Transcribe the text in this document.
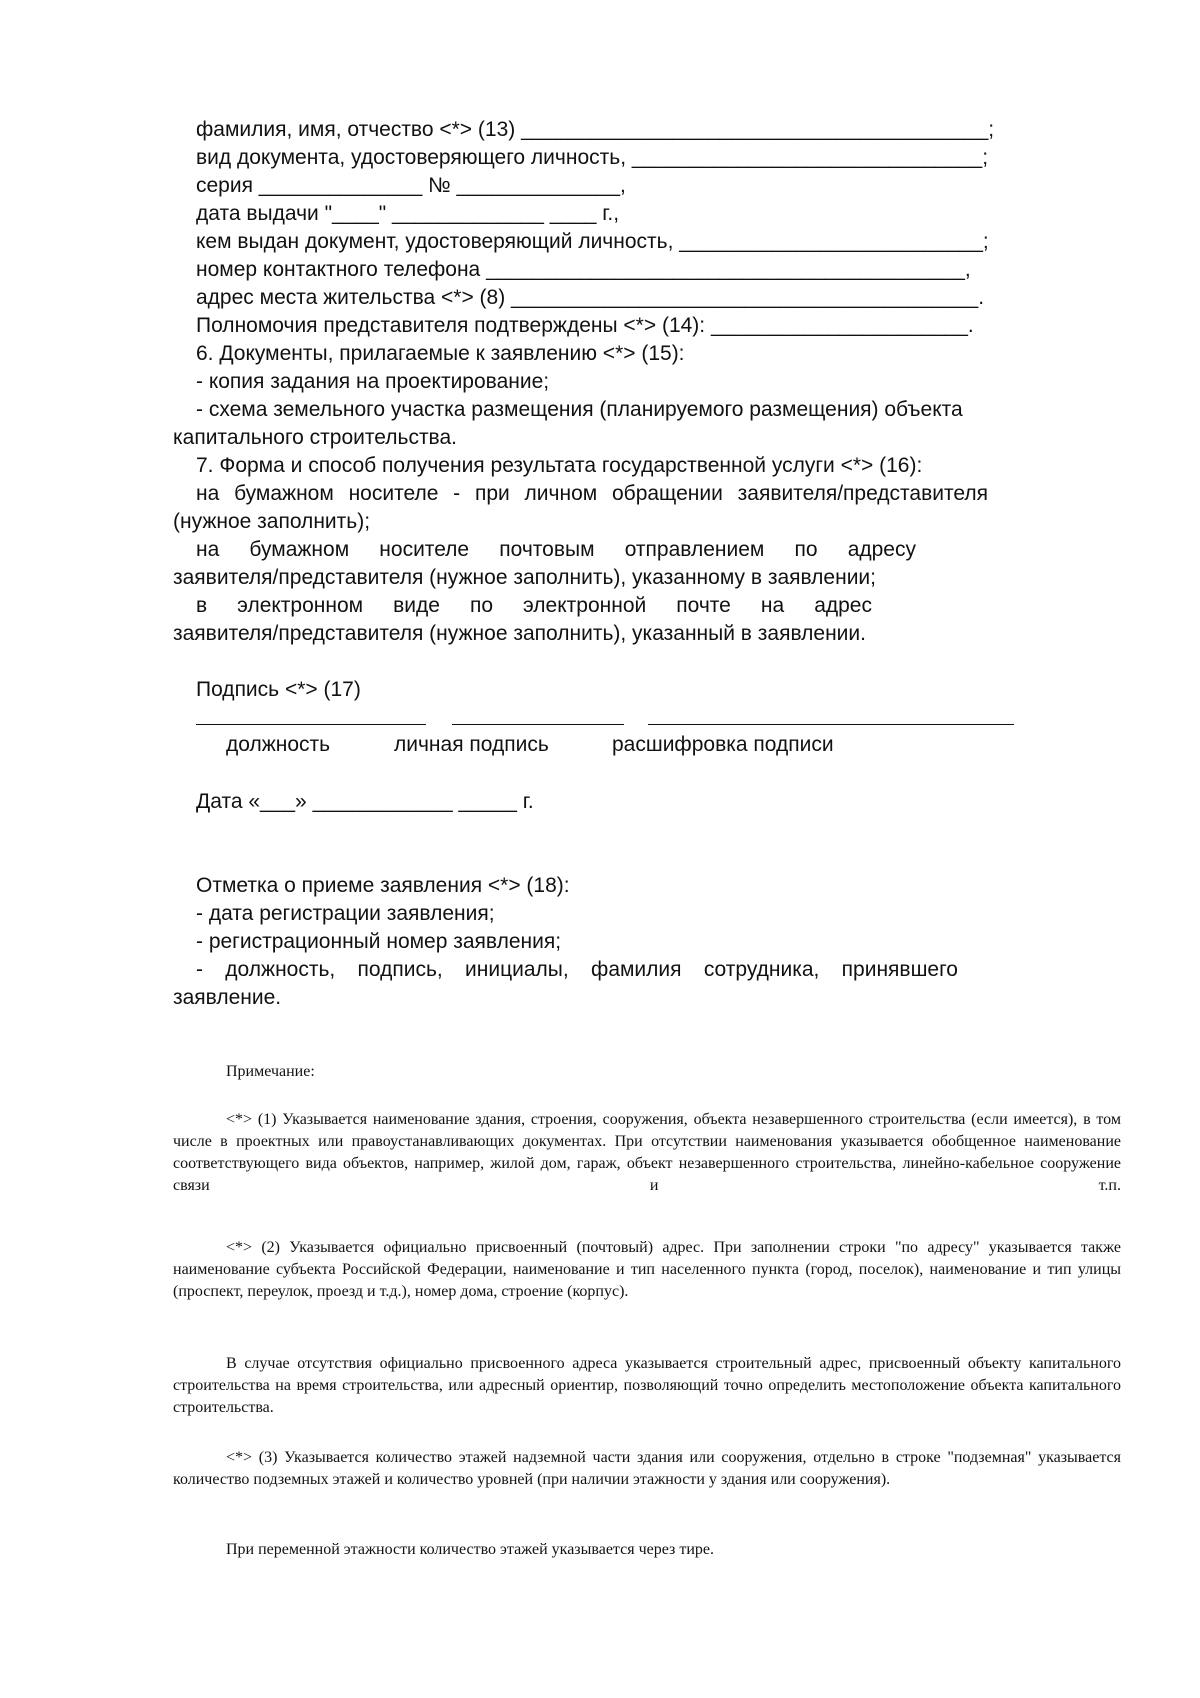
фамилия, имя, отчество <*> (13) ________________________________________;
вид документа, удостоверяющего личность, ______________________________;
серия ______________ № ______________,
дата выдачи "____" _____________ ____ г.,
кем выдан документ, удостоверяющий личность, __________________________;
номер контактного телефона _________________________________________,
адрес места жительства <*> (8) ________________________________________.
Полномочия представителя подтверждены <*> (14): ______________________.
6. Документы, прилагаемые к заявлению <*> (15):
- копия задания на проектирование;
- схема земельного участка размещения (планируемого размещения) объекта
капитального строительства.
7. Форма и способ получения результата государственной услуги <*> (16):
на бумажном носителе - при личном обращении заявителя/представителя
(нужное заполнить);
на бумажном носителе почтовым отправлением по адресу
заявителя/представителя (нужное заполнить), указанному в заявлении;
в электронном виде по электронной почте на адрес
заявителя/представителя (нужное заполнить), указанный в заявлении.
Подпись <*> (17)
должность	личная подпись	расшифровка подписи
Дата «___» ____________ _____ г.
Отметка о приеме заявления <*> (18):
- дата регистрации заявления;
- регистрационный номер заявления;
- должность, подпись, инициалы, фамилия сотрудника, принявшего
заявление.

Примечание:

<*> (1) Указывается наименование здания, строения, сооружения, объекта незавершенного строительства (если имеется), в том числе в проектных или правоустанавливающих документах. При отсутствии наименования указывается обобщенное наименование соответствующего вида объектов, например, жилой дом, гараж, объект незавершенного строительства, линейно-кабельное сооружение связи и т.п.

<*> (2) Указывается официально присвоенный (почтовый) адрес. При заполнении строки "по адресу" указывается также наименование субъекта Российской Федерации, наименование и тип населенного пункта (город, поселок), наименование и тип улицы (проспект, переулок, проезд и т.д.), номер дома, строение (корпус).

В случае отсутствия официально присвоенного адреса указывается строительный адрес, присвоенный объекту капитального строительства на время строительства, или адресный ориентир, позволяющий точно определить местоположение объекта капитального строительства.

<*> (3) Указывается количество этажей надземной части здания или сооружения, отдельно в строке "подземная" указывается количество подземных этажей и количество уровней (при наличии этажности у здания или сооружения).

При переменной этажности количество этажей указывается через тире.
